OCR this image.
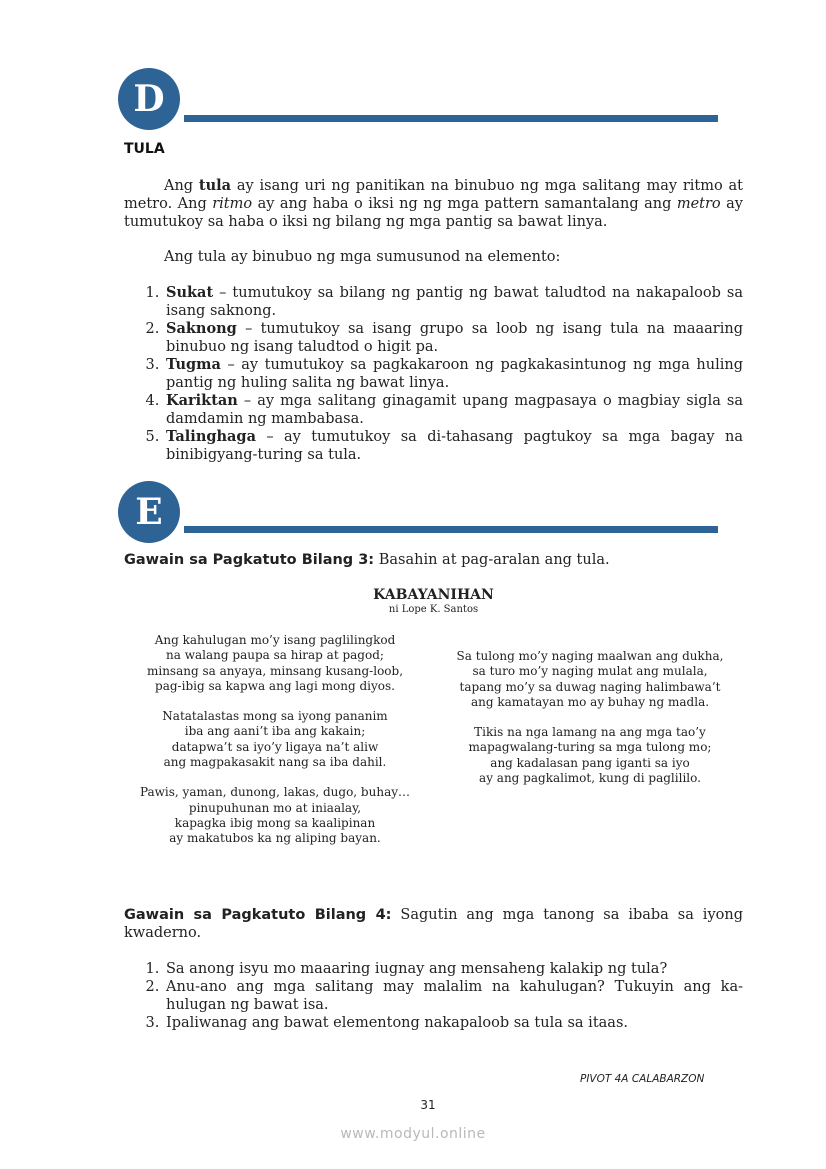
D
TULA
Ang tula ay isang uri ng panitikan na binubuo ng mga salitang may ritmo at metro. Ang ritmo ay ang haba o iksi ng ng mga pattern samantalang ang metro ay tumutukoy sa haba o iksi ng bilang ng mga pantig sa bawat linya.
Ang tula ay binubuo ng mga sumusunod na elemento:
1. Sukat – tumutukoy sa bilang ng pantig ng bawat taludtod na nakapaloob sa isang saknong.
2. Saknong – tumutukoy sa isang grupo sa loob ng isang tula na maaaring binubuo ng isang taludtod o higit pa.
3. Tugma – ay tumutukoy sa pagkakaroon ng pagkakasintunog ng mga huling pantig ng huling salita ng bawat linya.
4. Kariktan – ay mga salitang ginagamit upang magpasaya o magbiay sigla sa damdamin ng mambabasa.
5. Talinghaga – ay tumutukoy sa di-tahasang pagtukoy sa mga bagay na binibigyang-turing sa tula.
E
Gawain sa Pagkatuto Bilang 3: Basahin at pag-aralan ang tula.
KABAYANIHAN
ni Lope K. Santos
Ang kahulugan mo’y isang paglilingkod
na walang paupa sa hirap at pagod;
minsang sa anyaya, minsang kusang-loob,
pag-ibig sa kapwa ang lagi mong diyos.
Natatalastas mong sa iyong pananim
iba ang aani’t iba ang kakain;
datapwa’t sa iyo’y ligaya na’t aliw
ang magpakasakit nang sa iba dahil.
Pawis, yaman, dunong, lakas, dugo, buhay…
pinupuhunan mo at iniaalay,
kapagka ibig mong sa kaalipinan
ay makatubos ka ng aliping bayan.
Sa tulong mo’y naging maalwan ang dukha,
sa turo mo’y naging mulat ang mulala,
tapang mo’y sa duwag naging halimbawa’t
ang kamatayan mo ay buhay ng madla.
Tikis na nga lamang na ang mga tao’y
mapagwalang-turing sa mga tulong mo;
ang kadalasan pang iganti sa iyo
ay ang pagkalimot, kung di paglililo.
Gawain sa Pagkatuto Bilang 4: Sagutin ang mga tanong sa ibaba sa iyong kwaderno.
1. Sa anong isyu mo maaaring iugnay ang mensaheng kalakip ng tula?
2. Anu-ano ang mga salitang may malalim na kahulugan? Tukuyin ang ka-hulugan ng bawat isa.
3. Ipaliwanag ang bawat elementong nakapaloob sa tula sa itaas.
PIVOT 4A CALABARZON
31
www.modyul.online
